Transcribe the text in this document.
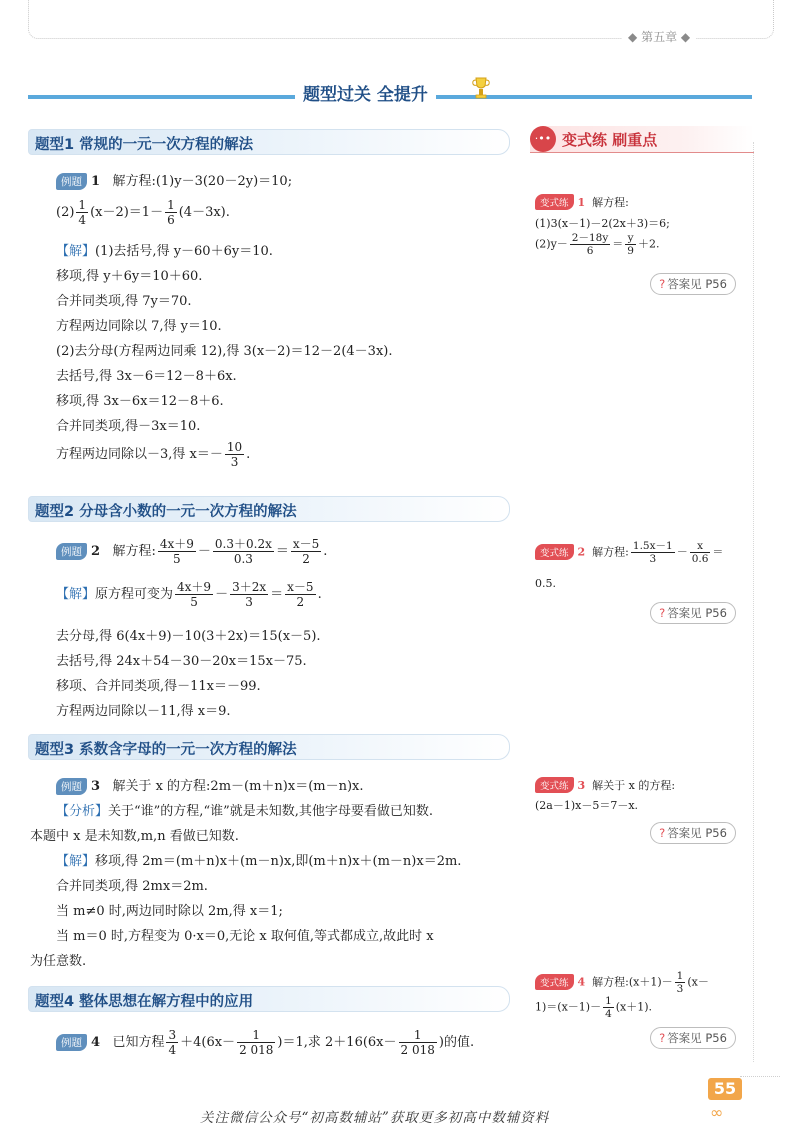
◆ 第五章 ◆
题型过关 全提升
·•• 变式练 刷重点
题型1 常规的一元一次方程的解法
例题 1 解方程:(1)y－3(20－2y)＝10;
$(2) \frac{1}{4} (x-2)=1- \frac{1}{6} (4-3x)$.
【解】(1)去括号,得 y－60＋6y＝10.
移项,得 y＋6y＝10＋60.
合并同类项,得 7y＝70.
方程两边同除以 7,得 y＝10.
(2)去分母(方程两边同乘 12),得 3(x－2)＝12－2(4－3x).
去括号,得 3x－6＝12－8＋6x.
移项,得 3x－6x＝12－8＋6.
合并同类项,得－3x＝10.
方程两边同除以－3,得 $x=- \frac{10}{3}$ .
变式练 1 解方程:
(1)3(x－1)－2(2x＋3)＝6;
$(2)y- \frac{2-18y}{6} = \frac{y}{9} +2$.
? 答案见 P56
题型2 分母含小数的一元一次方程的解法
例题 2 解方程: $\frac{4x+9}{5} - \frac{0.3+0.2x}{0.3} = \frac{x-5}{2}$ .
【解】原方程可变为 $\frac{4x+9}{5} - \frac{3+2x}{3} = \frac{x-5}{2}$ .
去分母,得 6(4x＋9)－10(3＋2x)＝15(x－5).
去括号,得 24x＋54－30－20x＝15x－75.
移项、合并同类项,得－11x＝－99.
方程两边同除以－11,得 x＝9.
变式练 2 解方程: $\frac{1.5x-1}{3} - \frac{x}{0.6}$ ＝
0.5.
? 答案见 P56
题型3 系数含字母的一元一次方程的解法
例题 3 解关于 x 的方程:2m－(m＋n)x＝(m－n)x.
【分析】关于“谁”的方程,“谁”就是未知数,其他字母要看做已知数.
本题中 x 是未知数,m,n 看做已知数.
【解】移项,得 2m＝(m＋n)x＋(m－n)x,即(m＋n)x＋(m－n)x＝2m.
合并同类项,得 2mx＝2m.
当 m≠0 时,两边同时除以 2m,得 x＝1;
当 m＝0 时,方程变为 0·x＝0,无论 x 取何值,等式都成立,故此时 x
为任意数.
变式练 3 解关于 x 的方程:
(2a－1)x－5＝7－x.
? 答案见 P56
题型4 整体思想在解方程中的应用
例题 4 已知方程 $\frac{3}{4} +4(6x- \frac{1}{2 018} )=1$,求 $2+16(6x- \frac{1}{2 018}$ )的值.
变式练 4 解方程:(x＋1)－ $\frac{1}{3} (x-$
$1)=(x-1)- \frac{1}{4} (x+1)$.
? 答案见 P56
55
∞
关注微信公众号“初高数辅站”获取更多初高中数辅资料
